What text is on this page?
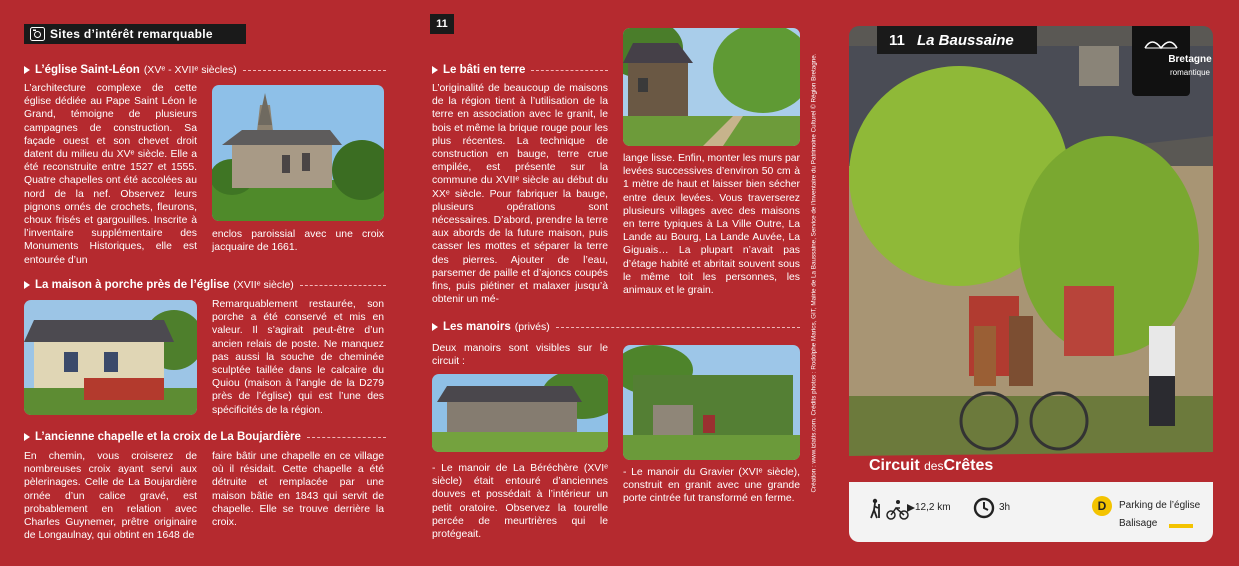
Sites d’intérêt remarquable
L’église Saint-Léon (XVᵉ - XVIIᵉ siècles)
L’architecture complexe de cette église dédiée au Pape Saint Léon le Grand, témoigne de plusieurs campagnes de construction. Sa façade ouest et son chevet droit datent du milieu du XVᵉ siècle. Elle a été reconstruite entre 1527 et 1555. Quatre chapelles ont été accolées au nord de la nef. Observez leurs pignons ornés de crochets, fleurons, choux frisés et gargouilles. Inscrite à l’inventaire supplémentaire des Monuments Historiques, elle est entourée d’un
enclos paroissial avec une croix jacquaire de 1661.
La maison à porche près de l’église (XVIIᵉ siècle)
Remarquablement restaurée, son porche a été conservé et mis en valeur. Il s’agirait peut-être d’un ancien relais de poste. Ne manquez pas aussi la souche de cheminée sculptée taillée dans le calcaire du Quiou (maison à l’angle de la D279 près de l’église) qui est l’une des spécificités de la région.
L’ancienne chapelle et la croix de La Boujardière
En chemin, vous croiserez de nombreuses croix ayant servi aux pèlerinages. Celle de La Boujardière ornée d’un calice gravé, est probablement en relation avec Charles Guynemer, prêtre originaire de Longaulnay, qui obtint en 1648 de
faire bâtir une chapelle en ce village où il résidait. Cette chapelle a été détruite et remplacée par une maison bâtie en 1843 qui servit de chapelle. Elle se trouve derrière la croix.
11
Le bâti en terre
L’originalité de beaucoup de maisons de la région tient à l’utilisation de la terre en association avec le granit, le bois et même la brique rouge pour les plus récentes. La technique de construction en bauge, terre crue empilée, est présente sur la commune du XVIIᵉ siècle au début du XXᵉ siècle. Pour fabriquer la bauge, plusieurs opérations sont nécessaires. D’abord, prendre la terre aux abords de la future maison, puis casser les mottes et séparer la terre des pierres. Ajouter de l’eau, parsemer de paille et d’ajoncs coupés fins, puis piétiner et malaxer jusqu’à obtenir un mé-
lange lisse. Enfin, monter les murs par levées successives d’environ 50 cm à 1 mètre de haut et laisser bien sécher entre deux levées. Vous traverserez plusieurs villages avec des maisons en terre typiques à La Ville Outre, La Lande au Bourg, La Lande Auvée, La Giguais… La plupart n’avait pas d’étage habité et abritait souvent sous le même toit les personnes, les animaux et le grain.
Les manoirs (privés)
Deux manoirs sont visibles sur le circuit :
- Le manoir de La Béréchère (XVIᵉ siècle) était entouré d’anciennes douves et possédait à l’intérieur un petit oratoire. Observez la tourelle percée de meurtrières qui le protégeait.
- Le manoir du Gravier (XVIᵉ siècle), construit en granit avec une grande porte cintrée fut transformé en ferme.
Création : www.iziatis.com. Crédits photos : Rodolphe Marics, GIT, Mairie de La Baussaine, Service de l’inventaire du Patrimoine Culturel © Région Bretagne.
11 La Baussaine
Bretagne
romantique
Circuit desCrêtes
12,2 km	3h	D	Parking de l’église
Balisage
